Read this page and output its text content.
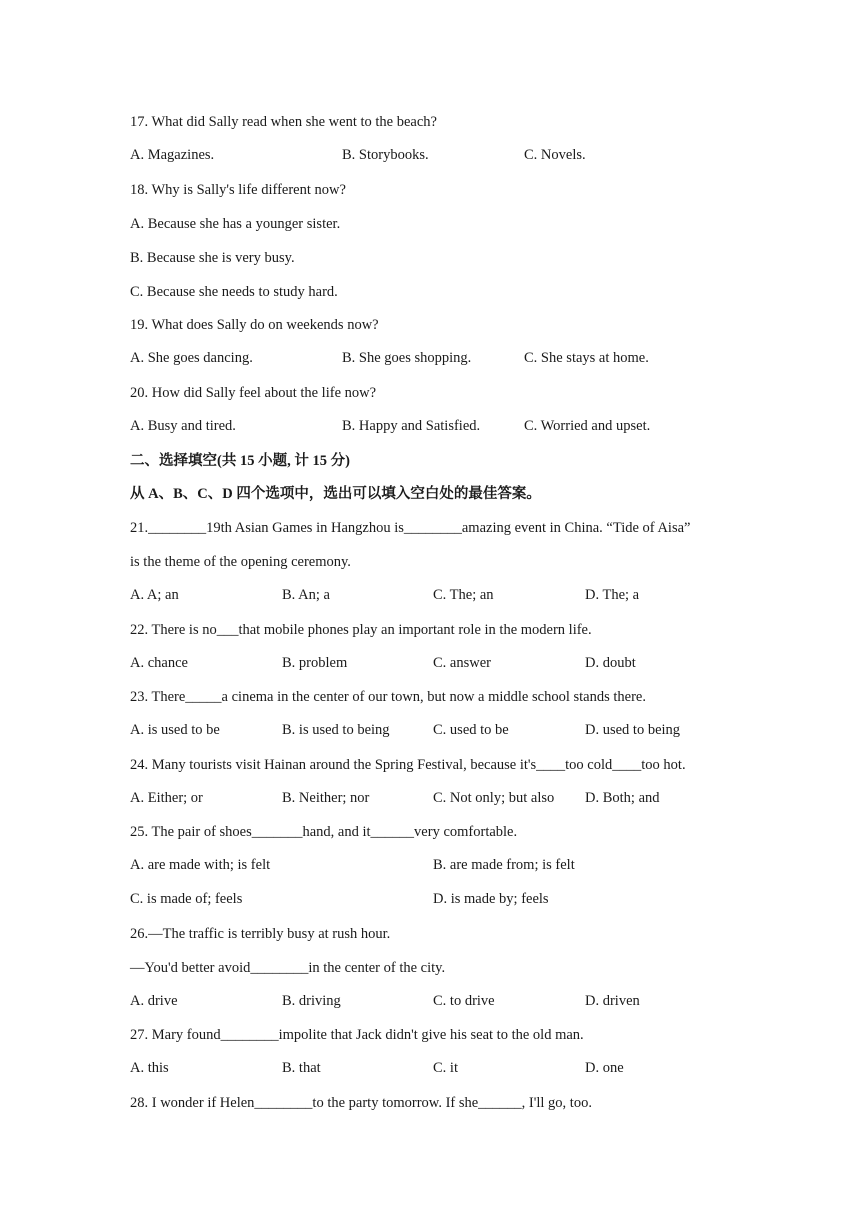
17. What did Sally read when she went to the beach?
A. Magazines.	B. Storybooks.	C. Novels.
18. Why is Sally's life different now?
A. Because she has a younger sister.
B. Because she is very busy.
C. Because she needs to study hard.
19. What does Sally do on weekends now?
A. She goes dancing.	B. She goes shopping.	C. She stays at home.
20. How did Sally feel about the life now?
A. Busy and tired.	B. Happy and Satisfied.	C. Worried and upset.
二、选择填空(共 15 小题, 计 15 分)
从 A、B、C、D 四个选项中，选出可以填入空白处的最佳答案。
21.________19th Asian Games in Hangzhou is________amazing event in China. “Tide of Aisa”
is the theme of the opening ceremony.
A. A; an	B. An; a	C. The; an	D. The; a
22. There is no___that mobile phones play an important role in the modern life.
A. chance	B. problem	C. answer	D. doubt
23. There_____a cinema in the center of our town, but now a middle school stands there.
A. is used to be	B. is used to being	C. used to be	D. used to being
24. Many tourists visit Hainan around the Spring Festival, because it's____too cold____too hot.
A. Either; or	B. Neither; nor	C. Not only; but also D. Both; and
25. The pair of shoes_______hand, and it______very comfortable.
A. are made with; is felt	B. are made from; is felt
C. is made of; feels	D. is made by; feels
26.—The traffic is terribly busy at rush hour.
—You'd better avoid________in the center of the city.
A. drive	B. driving	C. to drive	D. driven
27. Mary found________impolite that Jack didn't give his seat to the old man.
A. this	B. that	C. it	D. one
28. I wonder if Helen________to the party tomorrow. If she______, I'll go, too.
